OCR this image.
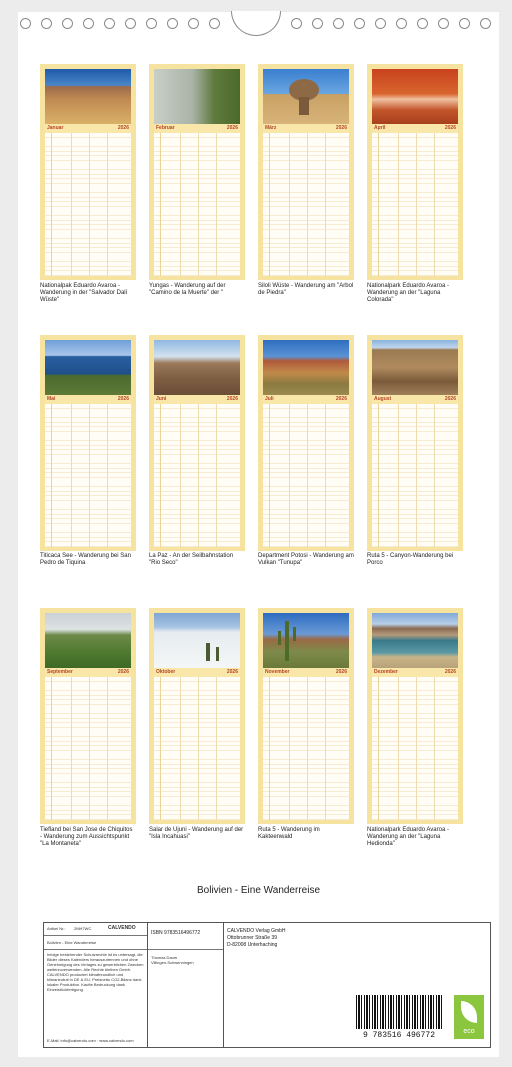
Januar	2026
Nationalpak Eduardo Avaroa - Wanderung in der "Salvador Dalí Wüste"
Februar	2026
Yungas - Wanderung auf der "Camino de la Muerte" der "
März	2026
Siloli Wüste - Wanderung am "Arbol de Piedra"
April	2026
Nationalpark Eduardo Avaroa - Wanderung an der "Laguna Colorada"
Mai	2026
Titicaca See - Wanderung bei San Pedro de Tiquina
Juni	2026
La Paz - An der Seilbahnstation "Rio Seco"
Juli	2026
Department Potosi - Wanderung am Vulkan "Tunupa"
August	2026
Ruta 5 - Canyon-Wanderung bei Porco
September	2026
Tiefland bei San Jose de Chiquitos - Wanderung zum Aussichtspunkt "La Montaneta"
Oktober	2026
Salar de Ujuni - Wanderung auf der "Isla Incahuasi"
November	2026
Ruta 5 - Wanderung im Kakteenwald
Dezember	2026
Nationalpark Eduardo Avaroa - Wanderung an der "Laguna Hedionda"
Bolivien - Eine Wanderreise
Artikel Nr.: 2MH7WC	CALVENDO
Bolivien - Eine Wanderreise
Infolge bestehender Schutzrechte ist es untersagt, die Bilder dieses Kalenders herauszutrennen und ohne Genehmigung des Verlages zu gewerblichen Zwecken weiterzuverwenden. Alle Rechte bleiben Gmbh. CALVENDO produziert klimafreundlich und klimaneutral in DE & EU. Preisnetto CO2-Bilanz dank lokaler Produktion. Kaufte Bedruckung dank Einzelstückfertigung.
E-Mail: info@calvendo.com · www.calvendo.com
ISBN 9783516496772
Thomas Daum
Villingen-Schwenningen
CALVENDO Verlag GmbH
Ottobrunner Straße 39
D-82008 Unterhaching
9 783516 496772	eco
